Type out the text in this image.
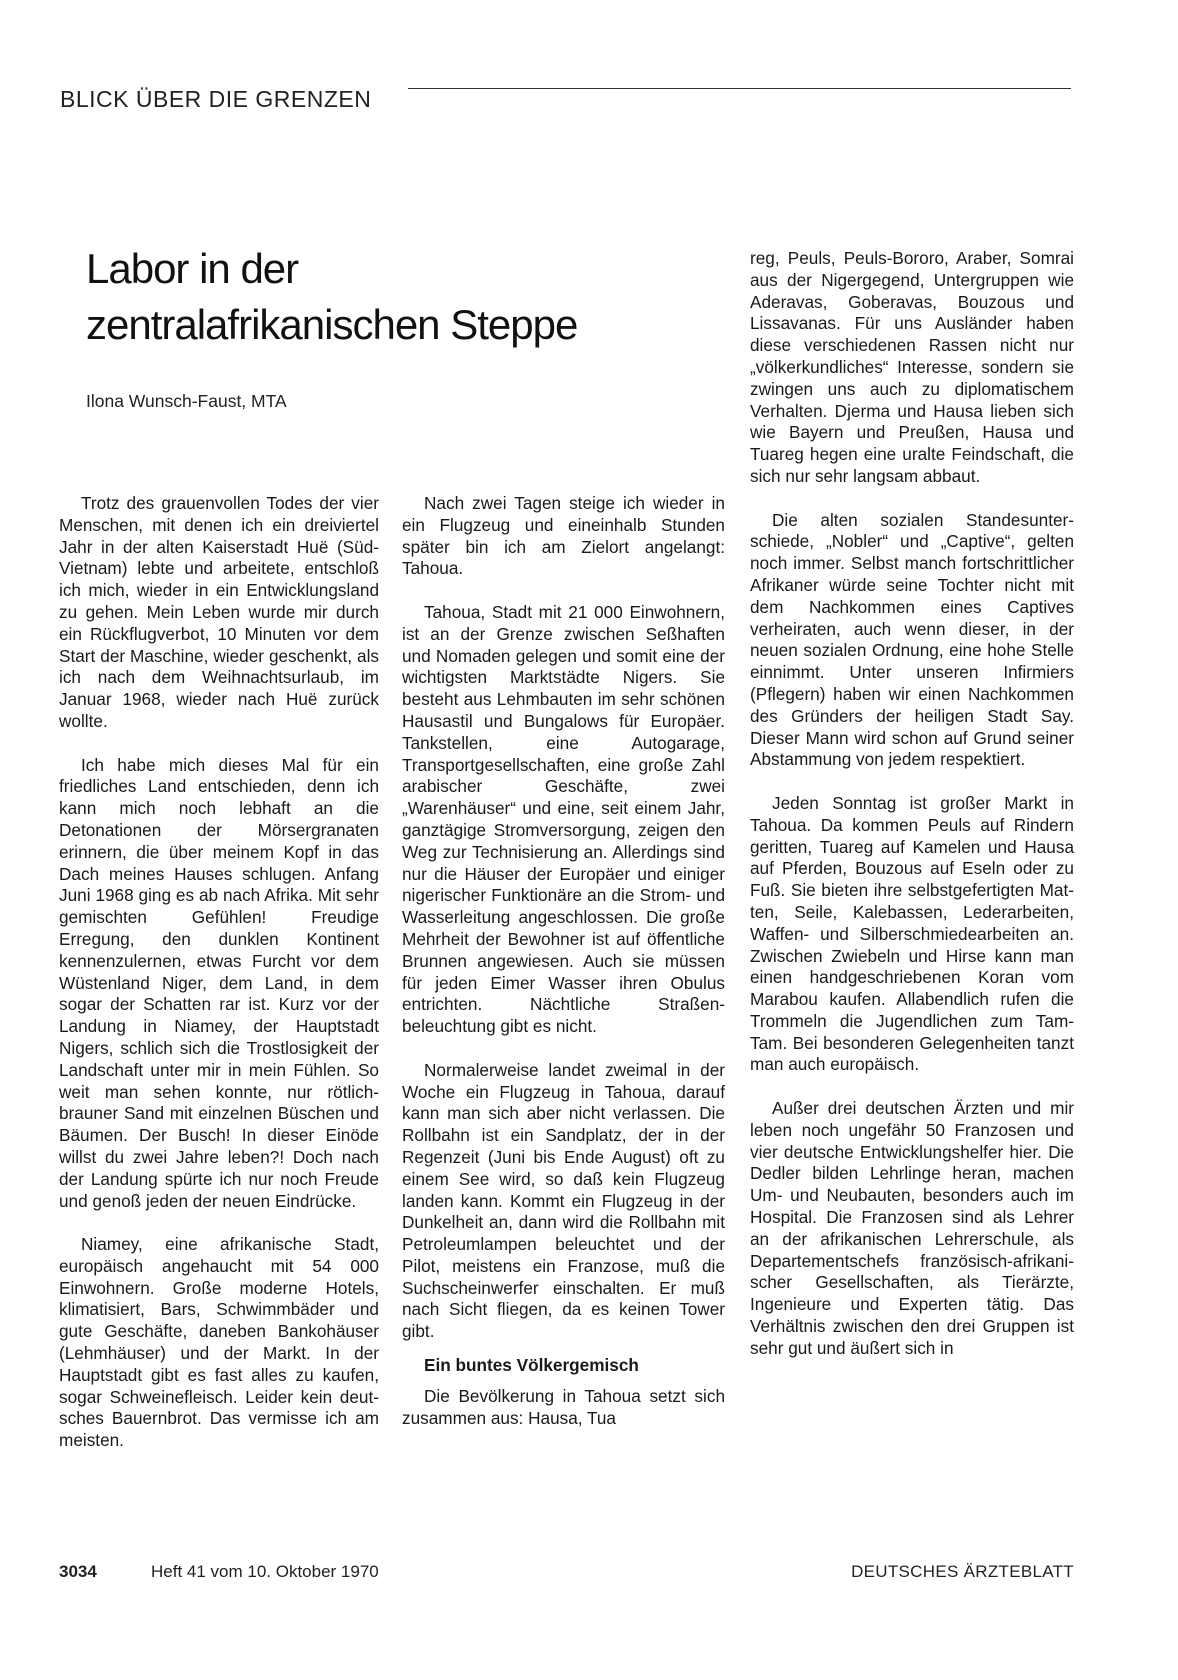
BLICK ÜBER DIE GRENZEN
Labor in der
zentralafrikanischen Steppe
Ilona Wunsch-Faust, MTA

Trotz des grauenvollen Todes der vier Menschen, mit denen ich ein dreiviertel Jahr in der alten Kaiserstadt Huë (Süd-Vietnam) lebte und arbeitete, entschloß ich mich, wieder in ein Entwicklungsland zu gehen. Mein Leben wurde mir durch ein Rückflugverbot, 10 Minuten vor dem Start der Maschine, wieder geschenkt, als ich nach dem Weihnachtsurlaub, im Januar 1968, wieder nach Huë zurück wollte.

Ich habe mich dieses Mal für ein friedliches Land entschieden, denn ich kann mich noch lebhaft an die Detonationen der Mörsergranaten erinnern, die über meinem Kopf in das Dach meines Hauses schlugen. Anfang Juni 1968 ging es ab nach Afrika. Mit sehr gemischten Gefühlen! Freudige Erregung, den dunklen Kontinent kennenzulernen, etwas Furcht vor dem Wüstenland Niger, dem Land, in dem sogar der Schatten rar ist. Kurz vor der Landung in Niamey, der Hauptstadt Nigers, schlich sich die Trostlosigkeit der Landschaft unter mir in mein Fühlen. So weit man sehen konnte, nur rötlich-brauner Sand mit einzelnen Büschen und Bäumen. Der Busch! In dieser Einöde willst du zwei Jahre leben?! Doch nach der Landung spürte ich nur noch Freude und genoß jeden der neuen Eindrücke.

Niamey, eine afrikanische Stadt, europäisch angehaucht mit 54 000 Einwohnern. Große moderne Hotels, klimatisiert, Bars, Schwimmbäder und gute Geschäfte, daneben Bankohäuser (Lehmhäuser) und der Markt. In der Hauptstadt gibt es fast alles zu kaufen, sogar Schweinefleisch. Leider kein deutsches Bauernbrot. Das vermisse ich am meisten.

Nach zwei Tagen steige ich wieder in ein Flugzeug und eineinhalb Stunden später bin ich am Zielort angelangt: Tahoua.

Tahoua, Stadt mit 21 000 Einwohnern, ist an der Grenze zwischen Seßhaften und Nomaden gelegen und somit eine der wichtigsten Marktstädte Nigers. Sie besteht aus Lehmbauten im sehr schönen Hausastil und Bungalows für Europäer. Tankstellen, eine Autogarage, Transportgesellschaften, eine große Zahl arabischer Geschäfte, zwei „Warenhäuser“ und eine, seit einem Jahr, ganztägige Stromversorgung, zeigen den Weg zur Technisierung an. Allerdings sind nur die Häuser der Europäer und einiger nigerischer Funktionäre an die Strom- und Wasserleitung angeschlossen. Die große Mehrheit der Bewohner ist auf öffentliche Brunnen angewiesen. Auch sie müssen für jeden Eimer Wasser ihren Obulus entrichten. Nächtliche Straßenbeleuchtung gibt es nicht.

Normalerweise landet zweimal in der Woche ein Flugzeug in Tahoua, darauf kann man sich aber nicht verlassen. Die Rollbahn ist ein Sandplatz, der in der Regenzeit (Juni bis Ende August) oft zu einem See wird, so daß kein Flugzeug landen kann. Kommt ein Flugzeug in der Dunkelheit an, dann wird die Rollbahn mit Petroleumlampen beleuchtet und der Pilot, meistens ein Franzose, muß die Suchscheinwerfer einschalten. Er muß nach Sicht fliegen, da es keinen Tower gibt.

Ein buntes Völkergemisch

Die Bevölkerung in Tahoua setzt sich zusammen aus: Hausa, Tua

reg, Peuls, Peuls-Bororo, Araber, Somrai aus der Nigergegend, Untergruppen wie Aderavas, Goberavas, Bouzous und Lissavanas. Für uns Ausländer haben diese verschiedenen Rassen nicht nur „völkerkundliches“ Interesse, sondern sie zwingen uns auch zu diplomatischem Verhalten. Djerma und Hausa lieben sich wie Bayern und Preußen, Hausa und Tuareg hegen eine uralte Feindschaft, die sich nur sehr langsam abbaut.

Die alten sozialen Standesunterschiede, „Nobler“ und „Captive“, gelten noch immer. Selbst manch fortschrittlicher Afrikaner würde seine Tochter nicht mit dem Nachkommen eines Captives verheiraten, auch wenn dieser, in der neuen sozialen Ordnung, eine hohe Stelle einnimmt. Unter unseren Infirmiers (Pflegern) haben wir einen Nachkommen des Gründers der heiligen Stadt Say. Dieser Mann wird schon auf Grund seiner Abstammung von jedem respektiert.

Jeden Sonntag ist großer Markt in Tahoua. Da kommen Peuls auf Rindern geritten, Tuareg auf Kamelen und Hausa auf Pferden, Bouzous auf Eseln oder zu Fuß. Sie bieten ihre selbstgefertigten Matten, Seile, Kalebassen, Lederarbeiten, Waffen- und Silberschmiedearbeiten an. Zwischen Zwiebeln und Hirse kann man einen handgeschriebenen Koran vom Marabou kaufen. Allabendlich rufen die Trommeln die Jugendlichen zum Tam-Tam. Bei besonderen Gelegenheiten tanzt man auch europäisch.

Außer drei deutschen Ärzten und mir leben noch ungefähr 50 Franzosen und vier deutsche Entwicklungshelfer hier. Die Dedler bilden Lehrlinge heran, machen Um- und Neubauten, besonders auch im Hospital. Die Franzosen sind als Lehrer an der afrikanischen Lehrerschule, als Departementschefs französisch-afrikanischer Gesellschaften, als Tierärzte, Ingenieure und Experten tätig. Das Verhältnis zwischen den drei Gruppen ist sehr gut und äußert sich in

3034	Heft 41 vom 10. Oktober 1970	DEUTSCHES ÄRZTEBLATT
